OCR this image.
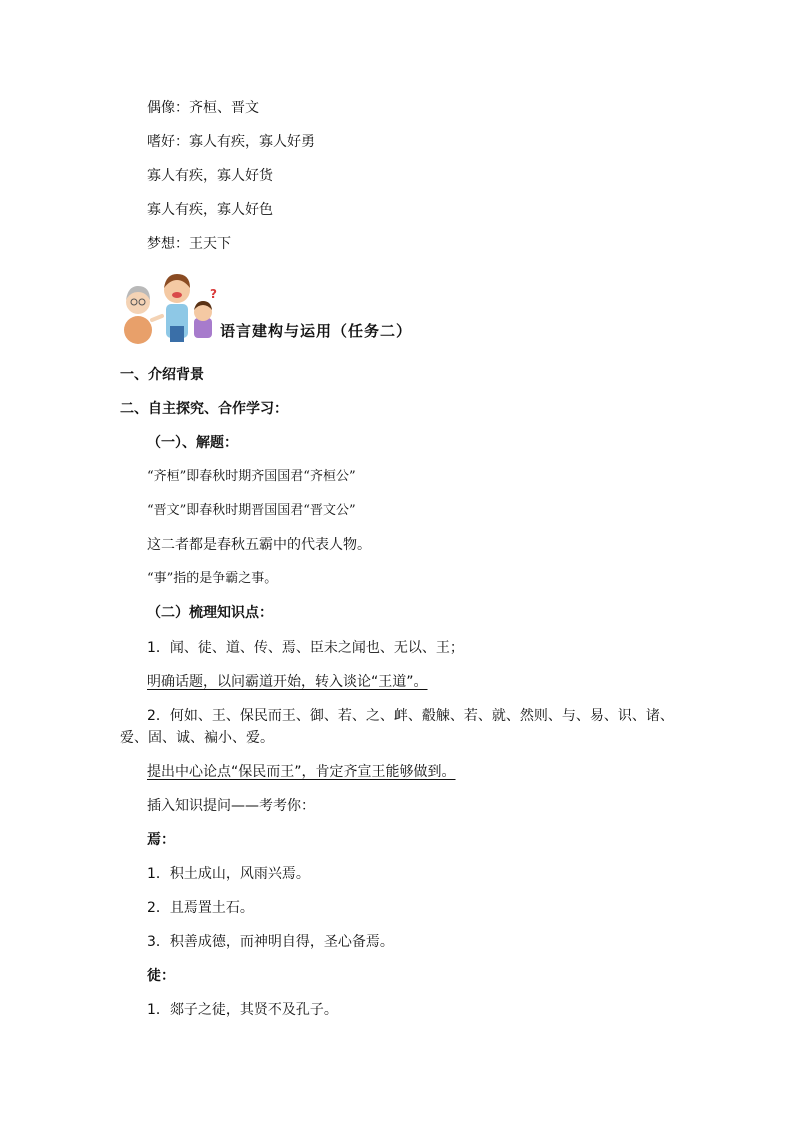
偶像：齐桓、晋文
嗜好：寡人有疾，寡人好勇
寡人有疾，寡人好货
寡人有疾，寡人好色
梦想：王天下
?
语言建构与运用（任务二）
一、介绍背景
二、自主探究、合作学习：
（一）、解题：
“齐桓”即春秋时期齐国国君“齐桓公”
“晋文”即春秋时期晋国国君“晋文公”
这二者都是春秋五霸中的代表人物。
“事”指的是争霸之事。
（二）梳理知识点：
1．闻、徒、道、传、焉、臣未之闻也、无以、王；
明确话题，以问霸道开始，转入谈论“王道”。
2．何如、王、保民而王、御、若、之、衅、觳觫、若、就、然则、与、易、识、诸、爱、固、诚、褊小、爱。
提出中心论点“保民而王”，肯定齐宣王能够做到。
插入知识提问——考考你：
焉：
1．积土成山，风雨兴焉。
2．且焉置土石。
3．积善成德，而神明自得，圣心备焉。
徒：
1．郯子之徒，其贤不及孔子。
